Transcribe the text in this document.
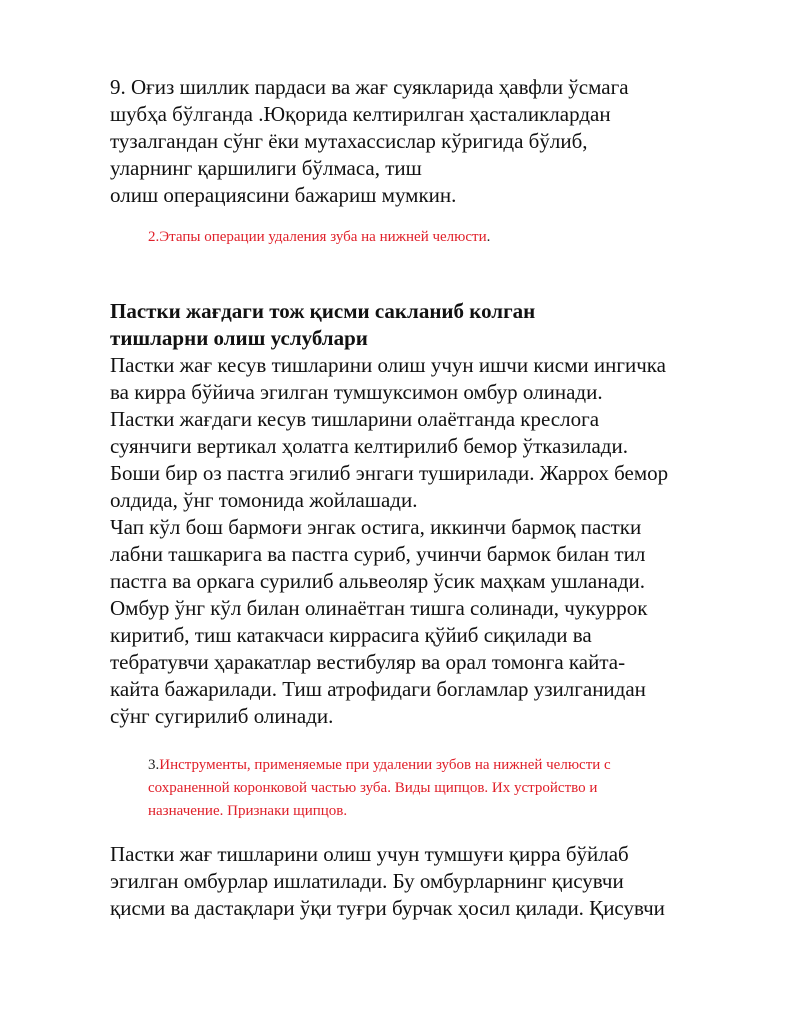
9. Оғиз шиллик пардаси ва жағ суякларида ҳавфли ўсмага
шубҳа бўлганда .Юқорида келтирилган ҳасталиклардан
тузалгандан сўнг ёки мутахассислар кўригида бўлиб,
уларнинг қаршилиги бўлмаса, тиш
олиш операциясини бажариш мумкин.

2.Этапы операции удаления зуба на нижней челюсти.

Пастки жағдаги тож қисми сакланиб колган
тишларни олиш услублари

Пастки жағ кесув тишларини олиш учун ишчи кисми ингичка
ва кирра бўйича эгилган тумшуксимон омбур олинади.
Пастки жағдаги кесув тишларини олаётганда креслога
суянчиги вертикал ҳолатга келтирилиб бемор ўтказилади.
Боши бир оз пастга эгилиб энгаги туширилади. Жаррох бемор
олдида, ўнг томонида жойлашади.
Чап кўл бош бармоғи энгак остига, иккинчи бармоқ пастки
лабни ташкарига ва пастга суриб, учинчи бармок билан тил
пастга ва оркага сурилиб альвеоляр ўсик маҳкам ушланади.
Омбур ўнг кўл билан олинаётган тишга солинади, чукуррок
киритиб, тиш катакчаси киррасига қўйиб сиқилади ва
тебратувчи ҳаракатлар вестибуляр ва орал томонга кайта-
кайта бажарилади. Тиш атрофидаги богламлар узилганидан
сўнг сугирилиб олинади.

3.Инструменты, применяемые при удалении зубов на нижней челюсти с
сохраненной коронковой частью зуба. Виды щипцов. Их устройство и
назначение. Признаки щипцов.

Пастки жағ тишларини олиш учун тумшуғи қирра бўйлаб
эгилган омбурлар ишлатилади. Бу омбурларнинг қисувчи
қисми ва дастақлари ўқи туғри бурчак ҳосил қилади. Қисувчи
